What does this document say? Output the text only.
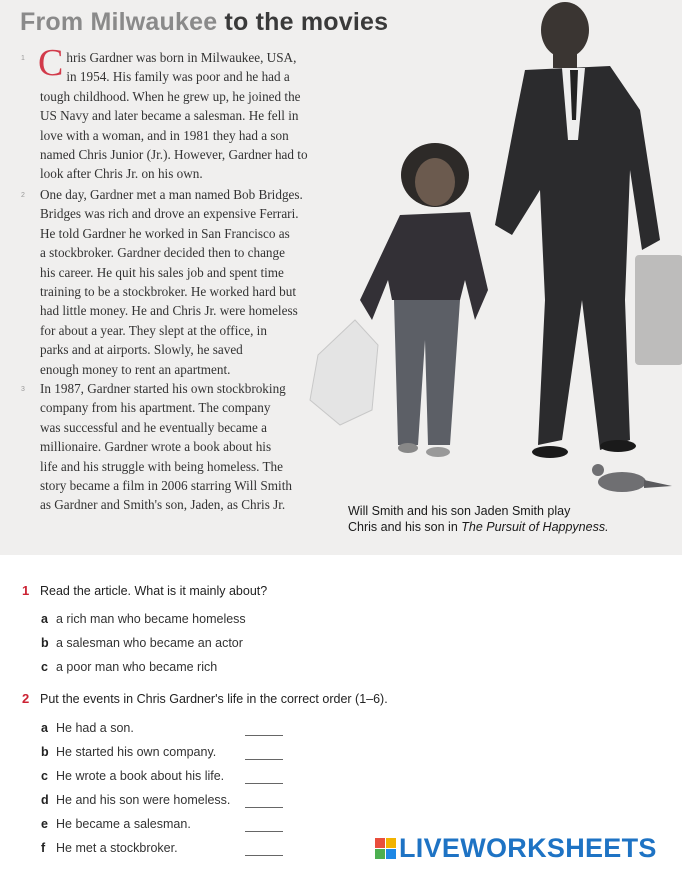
From Milwaukee to the movies
1 C hris Gardner was born in Milwaukee, USA,
in 1954. His family was poor and he had a
tough childhood. When he grew up, he joined the
US Navy and later became a salesman. He fell in
love with a woman, and in 1981 they had a son
named Chris Junior (Jr.). However, Gardner had to
look after Chris Jr. on his own.
2 One day, Gardner met a man named Bob Bridges.
Bridges was rich and drove an expensive Ferrari.
He told Gardner he worked in San Francisco as
a stockbroker. Gardner decided then to change
his career. He quit his sales job and spent time
training to be a stockbroker. He worked hard but
had little money. He and Chris Jr. were homeless
for about a year. They slept at the office, in
parks and at airports. Slowly, he saved
enough money to rent an apartment.
3 In 1987, Gardner started his own stockbroking
company from his apartment. The company
was successful and he eventually became a
millionaire. Gardner wrote a book about his
life and his struggle with being homeless. The
story became a film in 2006 starring Will Smith
as Gardner and Smith's son, Jaden, as Chris Jr.	Will Smith and his son Jaden Smith play
Chris and his son in The Pursuit of Happyness.
1 Read the article. What is it mainly about?
a a rich man who became homeless
b a salesman who became an actor
c a poor man who became rich
2 Put the events in Chris Gardner's life in the correct order (1–6).
a He had a son.
b He started his own company.
c He wrote a book about his life.
d He and his son were homeless.
e He became a salesman.
f He met a stockbroker.	LIVEWORKSHEETS
